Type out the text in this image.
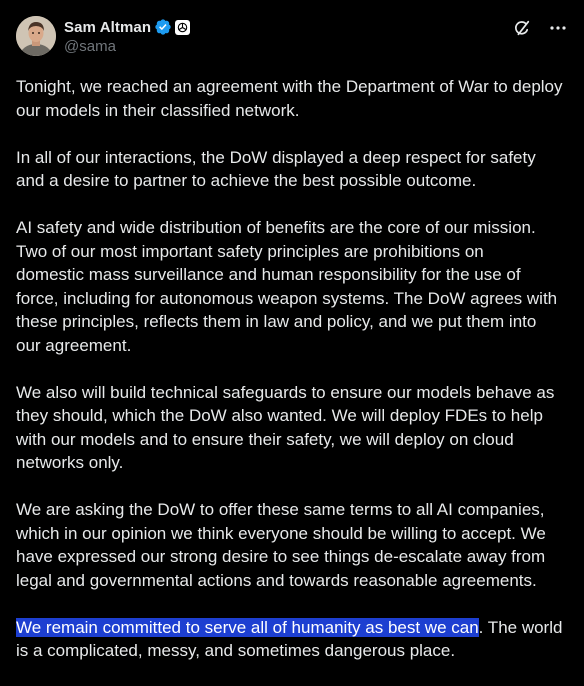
Sam Altman
@sama

Tonight, we reached an agreement with the Department of War to deploy
our models in their classified network.

In all of our interactions, the DoW displayed a deep respect for safety
and a desire to partner to achieve the best possible outcome.

AI safety and wide distribution of benefits are the core of our mission.
Two of our most important safety principles are prohibitions on
domestic mass surveillance and human responsibility for the use of
force, including for autonomous weapon systems. The DoW agrees with
these principles, reflects them in law and policy, and we put them into
our agreement.

We also will build technical safeguards to ensure our models behave as
they should, which the DoW also wanted. We will deploy FDEs to help
with our models and to ensure their safety, we will deploy on cloud
networks only.

We are asking the DoW to offer these same terms to all AI companies,
which in our opinion we think everyone should be willing to accept. We
have expressed our strong desire to see things de-escalate away from
legal and governmental actions and towards reasonable agreements.

We remain committed to serve all of humanity as best we can. The world
is a complicated, messy, and sometimes dangerous place.
